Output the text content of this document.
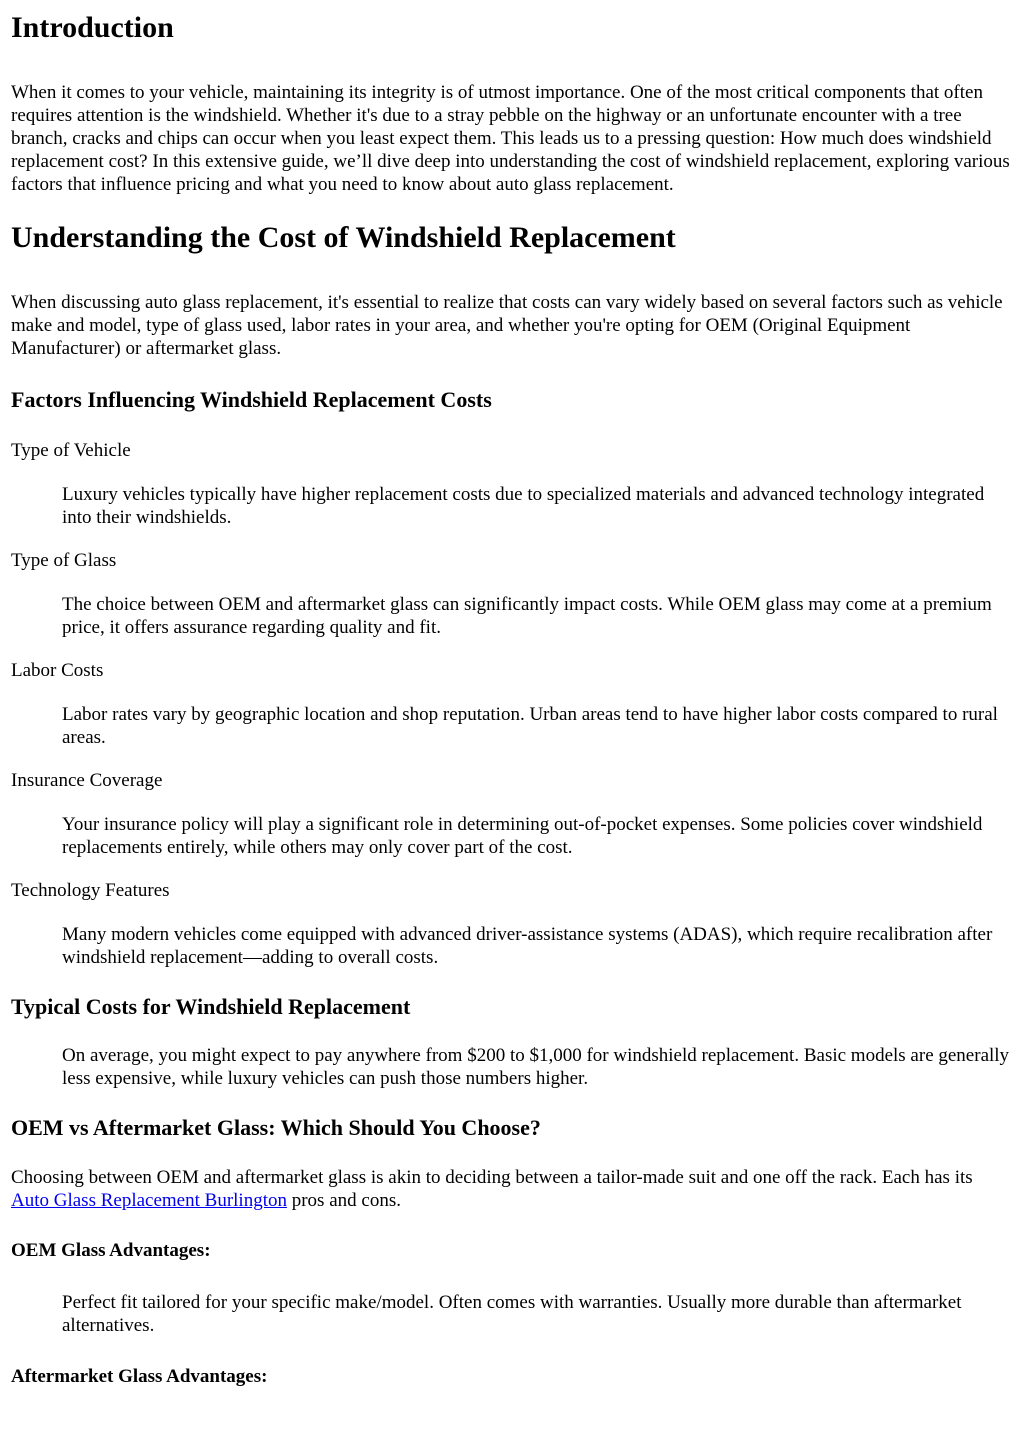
Introduction

When it comes to your vehicle, maintaining its integrity is of utmost importance. One of the most critical components that often requires attention is the windshield. Whether it's due to a stray pebble on the highway or an unfortunate encounter with a tree branch, cracks and chips can occur when you least expect them. This leads us to a pressing question: How much does windshield replacement cost? In this extensive guide, we’ll dive deep into understanding the cost of windshield replacement, exploring various factors that influence pricing and what you need to know about auto glass replacement.

Understanding the Cost of Windshield Replacement

When discussing auto glass replacement, it's essential to realize that costs can vary widely based on several factors such as vehicle make and model, type of glass used, labor rates in your area, and whether you're opting for OEM (Original Equipment Manufacturer) or aftermarket glass.

Factors Influencing Windshield Replacement Costs
Type of Vehicle
Luxury vehicles typically have higher replacement costs due to specialized materials and advanced technology integrated into their windshields.
Type of Glass
The choice between OEM and aftermarket glass can significantly impact costs. While OEM glass may come at a premium price, it offers assurance regarding quality and fit.
Labor Costs
Labor rates vary by geographic location and shop reputation. Urban areas tend to have higher labor costs compared to rural areas.
Insurance Coverage
Your insurance policy will play a significant role in determining out-of-pocket expenses. Some policies cover windshield replacements entirely, while others may only cover part of the cost.
Technology Features
Many modern vehicles come equipped with advanced driver-assistance systems (ADAS), which require recalibration after windshield replacement—adding to overall costs.
Typical Costs for Windshield Replacement
On average, you might expect to pay anywhere from $200 to $1,000 for windshield replacement. Basic models are generally less expensive, while luxury vehicles can push those numbers higher.
OEM vs Aftermarket Glass: Which Should You Choose?

Choosing between OEM and aftermarket glass is akin to deciding between a tailor-made suit and one off the rack. Each has its Auto Glass Replacement Burlington pros and cons.

OEM Glass Advantages:
Perfect fit tailored for your specific make/model. Often comes with warranties. Usually more durable than aftermarket alternatives.
Aftermarket Glass Advantages:
